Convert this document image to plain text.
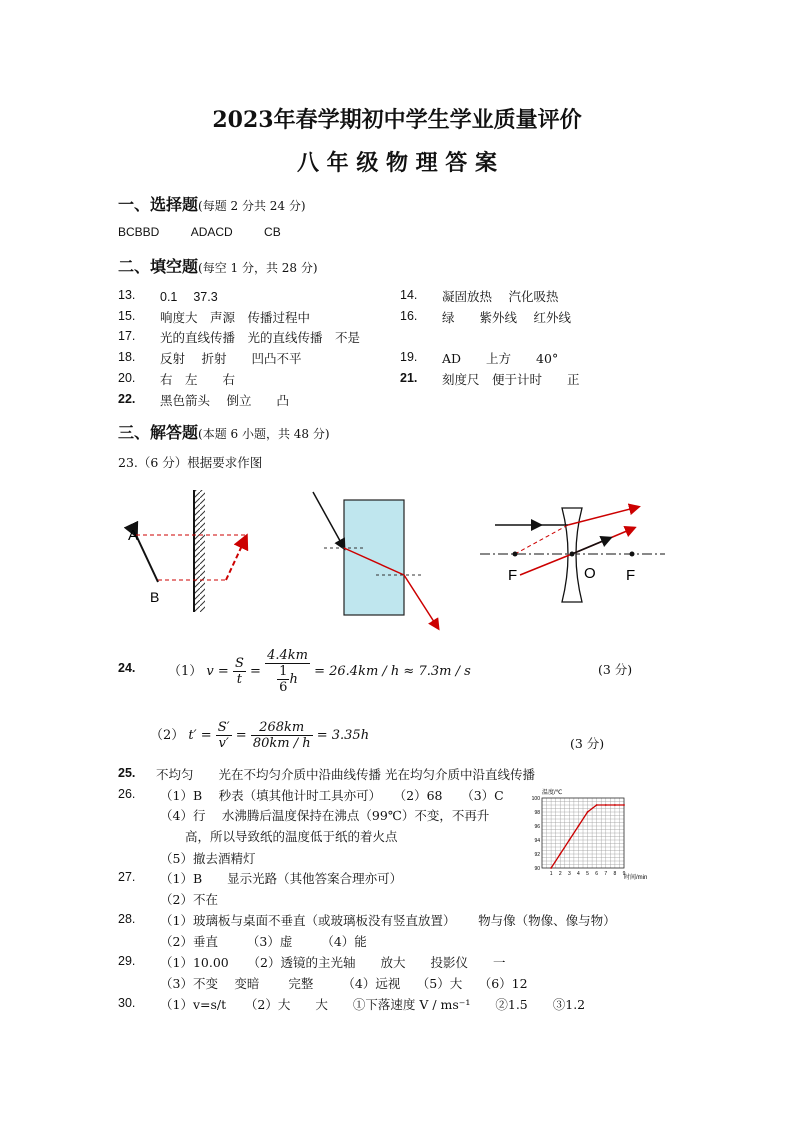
2023年春学期初中学生学业质量评价
八 年 级 物 理 答 案
一、选择题(每题 2 分共 24 分)
BCBBD	ADACD	CB
二、填空题(每空 1 分，共 28 分)
13. 0.1　 37.3
15. 响度大　声源　传播过程中
17. 光的直线传播　光的直线传播　不是
18. 反射　 折射　　凹凸不平
20. 右　左　　右
22. 黑色箭头　 倒立　　凸
14. 凝固放热　 汽化吸热
16. 绿　　紫外线　 红外线
19. AD　　上方　　40°
21. 刻度尺　便于计时　　正
三、解答题(本题 6 小题，共 48 分)
23.（6 分）根据要求作图
A
B
F	O F
24.	（1） $v = \frac{S}{t} = \frac{4.4km}{\frac{1}{6} h} = 26.4km / h \approx 7.3m / s$	(3 分)
（2） $t' = \frac{S'}{v'} = \frac{268km}{80km / h} = 3.35h$
(3 分)
25. 不均匀　　光在不均匀介质中沿曲线传播 光在均匀介质中沿直线传播
26. （1）B　 秒表（填其他计时工具亦可）　　（2）68　　（3）C
（4）行　 水沸腾后温度保持在沸点（99℃）不变，不再升
　　高，所以导致纸的温度低于纸的着火点
（5）撤去酒精灯
90
92
94
96
98
100
1 2 3 4 5 6 7 8 9
温度/℃
时间/min
27. （1）B　　显示光路（其他答案合理亦可）
（2）不在
28. （1）玻璃板与桌面不垂直（或玻璃板没有竖直放置）　　 物与像（物像、像与物）
（2）垂直　　 （3）虚　　 （4）能
29. （1）10.00　　（2）透镜的主光轴　　放大　　投影仪　　一
（3）不变　 变暗　　 完整　　 （4）远视　 （5）大　 （6）12
30. （1）v=s/t　　（2）大　　大　　①下落速度 V / ms⁻¹　　②1.5　　③1.2
